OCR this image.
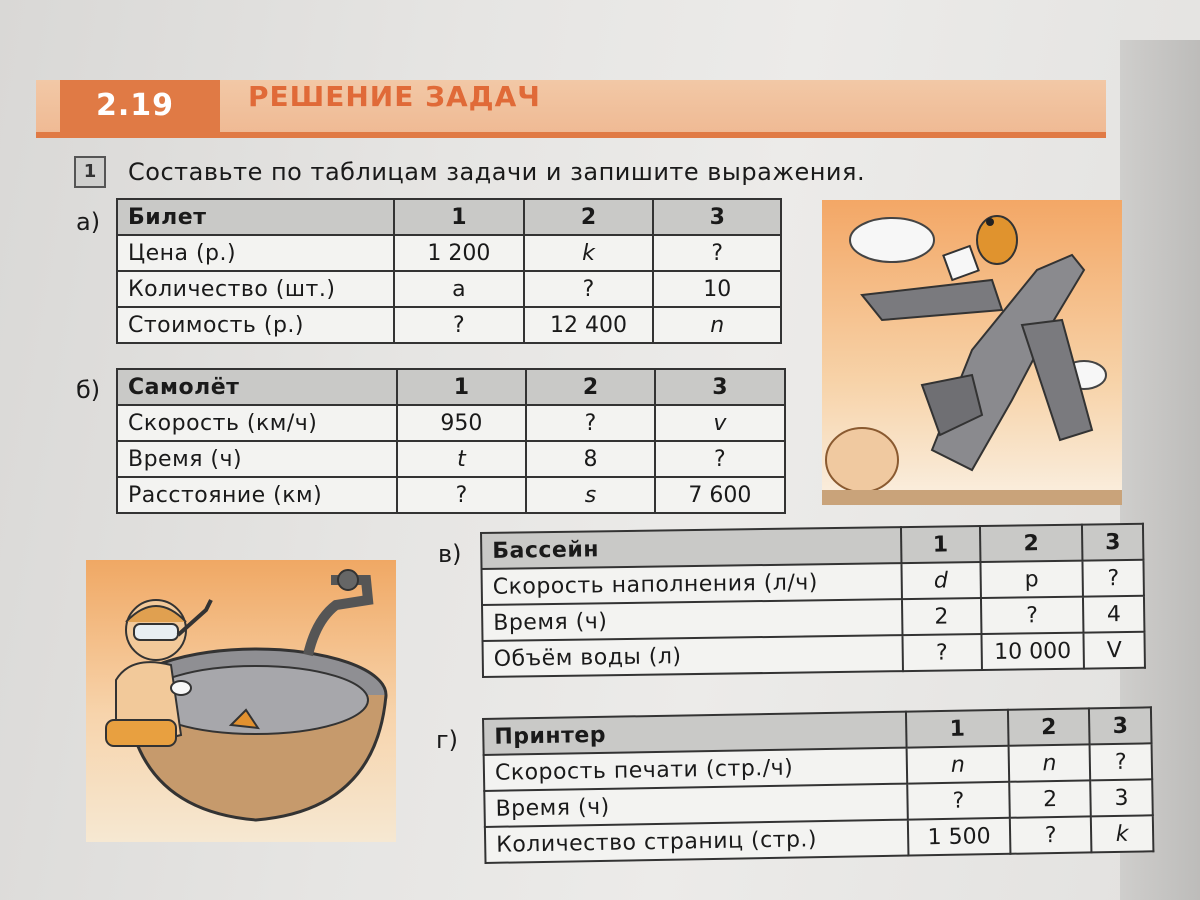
2.19	РЕШЕНИЕ ЗАДАЧ
1	Составьте по таблицам задачи и запишите выражения.
а) Билет	1	2	3
Цена (р.)	1 200	k	?
Количество (шт.)	a	?	10
Стоимость (р.)	?	12 400	n
б) Самолёт	1	2	3
Скорость (км/ч)	950	?	v
Время (ч)	t	8	?
Расстояние (км)	?	s	7 600
в) Бассейн	1	2	3
Скорость наполнения (л/ч)	d	p	?
Время (ч)	2	?	4
Объём воды (л)	?	10 000	V
г) Принтер	1	2	3
Скорость печати (стр./ч)	n	n	?
Время (ч)	?	2	3
Количество страниц (стр.)	1 500	?	k
